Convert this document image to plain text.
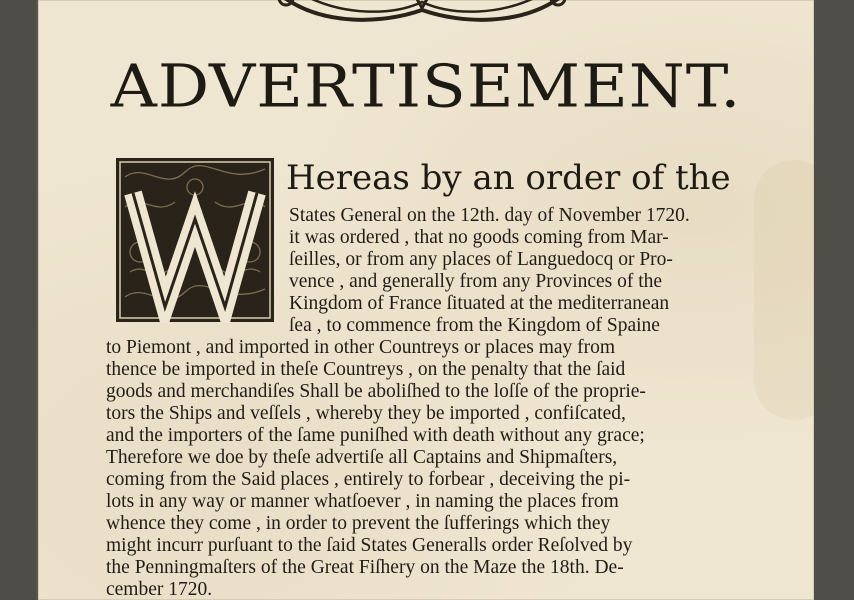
ADVERTISEMENT.
W
Hereas by an order of the
States General on the 12th. day of November 1720.
it was ordered , that no goods coming from Mar-
ſeilles, or from any places of Languedocq or Pro-
vence , and generally from any Provinces of the
Kingdom of France ſituated at the mediterranean
ſea , to commence from the Kingdom of Spaine
to Piemont , and imported in other Countreys or places may from
thence be imported in theſe Countreys , on the penalty that the ſaid
goods and merchandiſes Shall be aboliſhed to the loſſe of the proprie-
tors the Ships and veſſels , whereby they be imported , confiſcated,
and the importers of the ſame puniſhed with death without any grace;
Therefore we doe by theſe advertiſe all Captains and Shipmaſters,
coming from the Said places , entirely to forbear , deceiving the pi-
lots in any way or manner whatſoever , in naming the places from
whence they come , in order to prevent the ſufferings which they
might incurr purſuant to the ſaid States Generalls order Reſolved by
the Penningmaſters of the Great Fiſhery on the Maze the 18th. De-
cember 1720.
